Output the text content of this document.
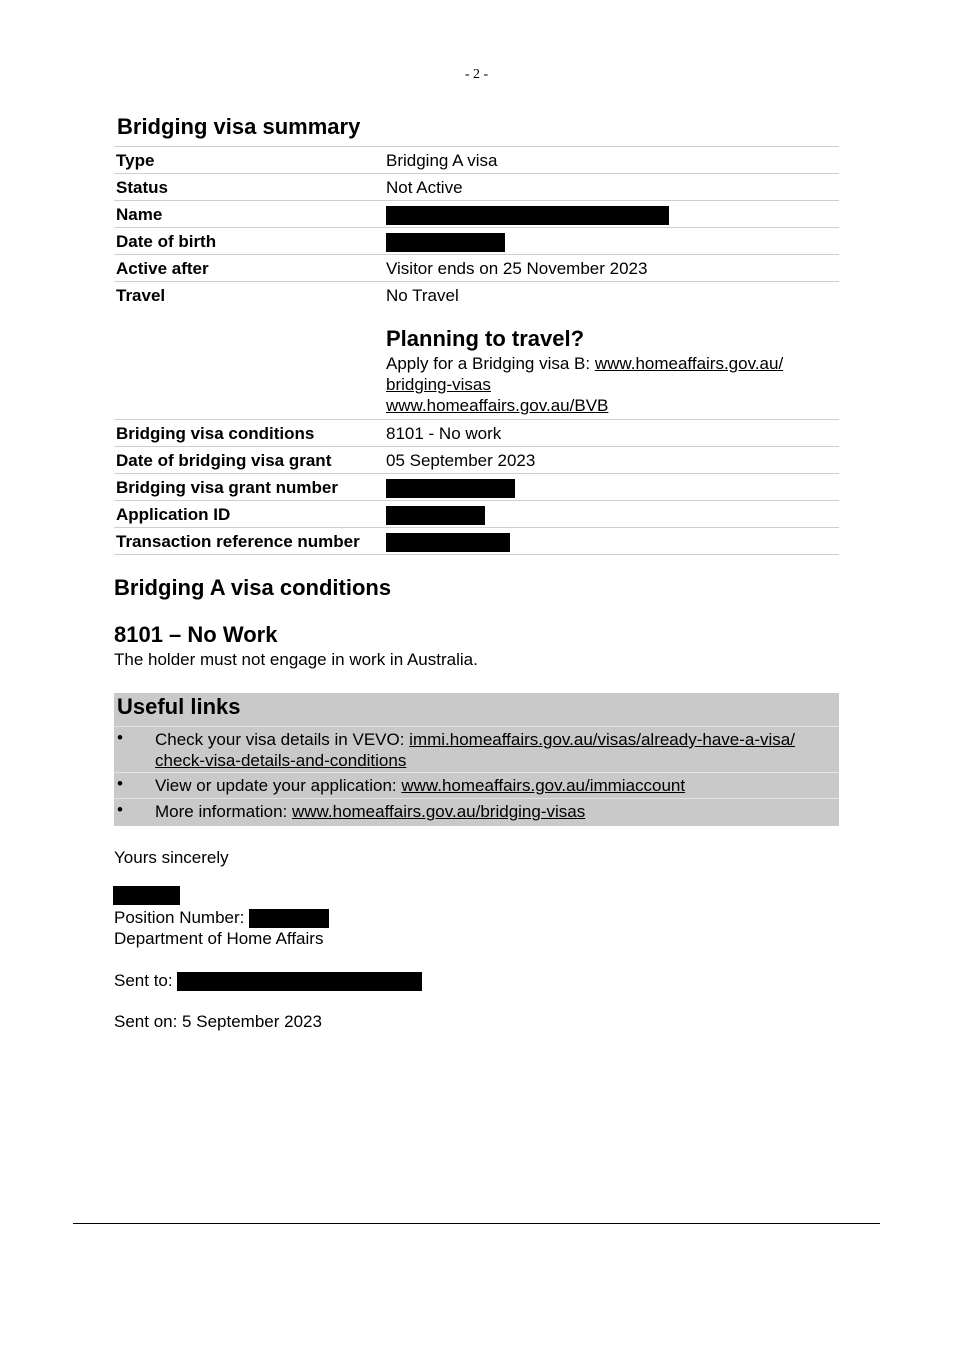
- 2 -
Bridging visa summary
Type	Bridging A visa
Status	Not Active
Name	
Date of birth	
Active after	Visitor ends on 25 November 2023
Travel	No Travel
Planning to travel?
Apply for a Bridging visa B: www.homeaffairs.gov.au/
bridging-visas
www.homeaffairs.gov.au/BVB

Bridging visa conditions	8101 - No work
Date of bridging visa grant	05 September 2023
Bridging visa grant number	
Application ID	
Transaction reference number	
Bridging A visa conditions
8101 – No Work
The holder must not engage in work in Australia.
Useful links
• Check your visa details in VEVO: immi.homeaffairs.gov.au/visas/already-have-a-visa/
check-visa-details-and-conditions
• View or update your application: www.homeaffairs.gov.au/immiaccount
• More information: www.homeaffairs.gov.au/bridging-visas
Yours sincerely
Position Number:
Department of Home Affairs
Sent to:
Sent on: 5 September 2023
